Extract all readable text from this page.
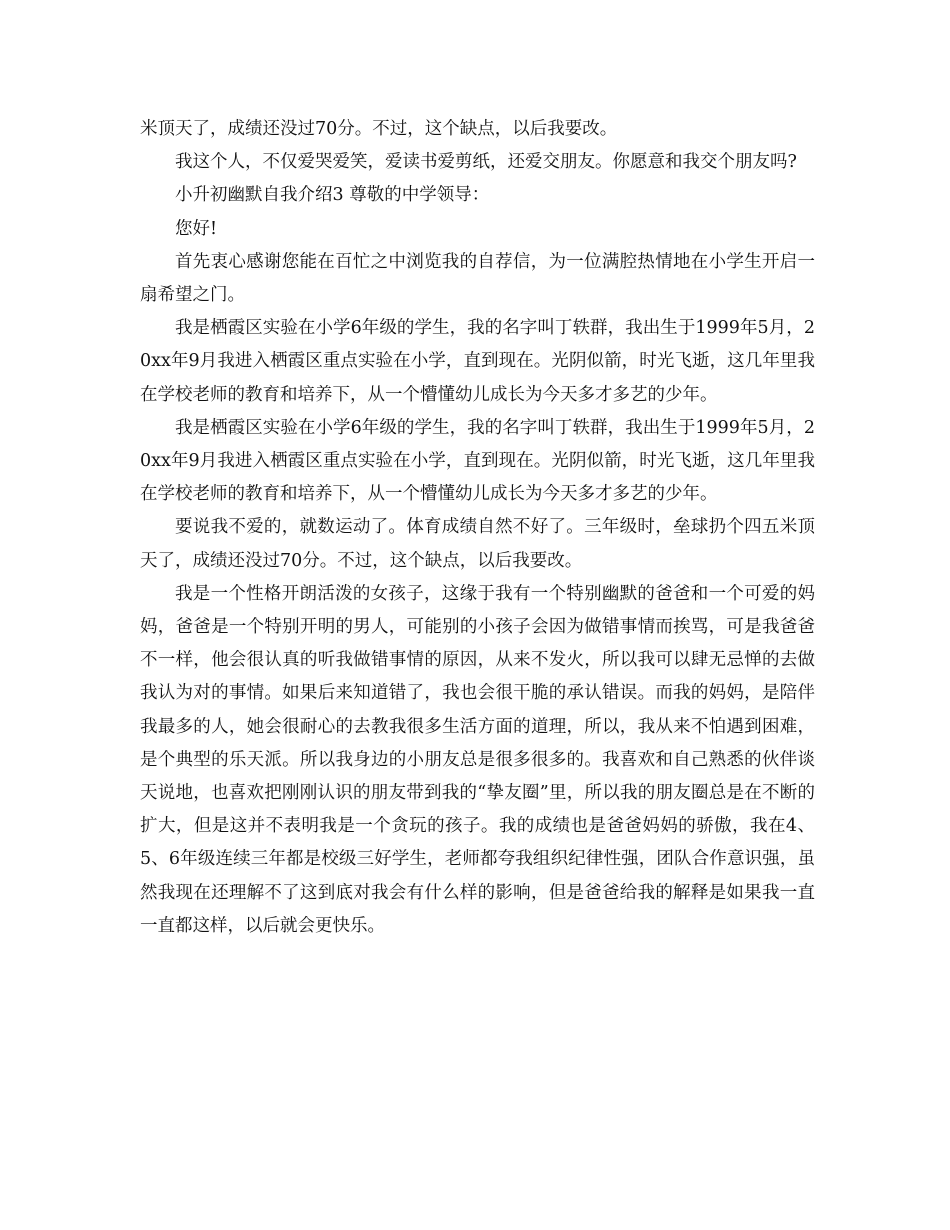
米顶天了，成绩还没过70分。不过，这个缺点，以后我要改。

我这个人，不仅爱哭爱笑，爱读书爱剪纸，还爱交朋友。你愿意和我交个朋友吗?

小升初幽默自我介绍3 尊敬的中学领导：

您好!

首先衷心感谢您能在百忙之中浏览我的自荐信，为一位满腔热情地在小学生开启一扇希望之门。

我是栖霞区实验在小学6年级的学生，我的名字叫丁轶群，我出生于1999年5月，20xx年9月我进入栖霞区重点实验在小学，直到现在。光阴似箭，时光飞逝，这几年里我在学校老师的教育和培养下，从一个懵懂幼儿成长为今天多才多艺的少年。

我是栖霞区实验在小学6年级的学生，我的名字叫丁轶群，我出生于1999年5月，20xx年9月我进入栖霞区重点实验在小学，直到现在。光阴似箭，时光飞逝，这几年里我在学校老师的教育和培养下，从一个懵懂幼儿成长为今天多才多艺的少年。

要说我不爱的，就数运动了。体育成绩自然不好了。三年级时，垒球扔个四五米顶天了，成绩还没过70分。不过，这个缺点，以后我要改。

我是一个性格开朗活泼的女孩子，这缘于我有一个特别幽默的爸爸和一个可爱的妈妈，爸爸是一个特别开明的男人，可能别的小孩子会因为做错事情而挨骂，可是我爸爸不一样，他会很认真的听我做错事情的原因，从来不发火，所以我可以肆无忌惮的去做我认为对的事情。如果后来知道错了，我也会很干脆的承认错误。而我的妈妈，是陪伴我最多的人，她会很耐心的去教我很多生活方面的道理，所以，我从来不怕遇到困难，是个典型的乐天派。所以我身边的小朋友总是很多很多的。我喜欢和自己熟悉的伙伴谈天说地，也喜欢把刚刚认识的朋友带到我的“挚友圈”里，所以我的朋友圈总是在不断的扩大，但是这并不表明我是一个贪玩的孩子。我的成绩也是爸爸妈妈的骄傲，我在4、5、6年级连续三年都是校级三好学生，老师都夸我组织纪律性强，团队合作意识强，虽然我现在还理解不了这到底对我会有什么样的影响，但是爸爸给我的解释是如果我一直一直都这样，以后就会更快乐。
